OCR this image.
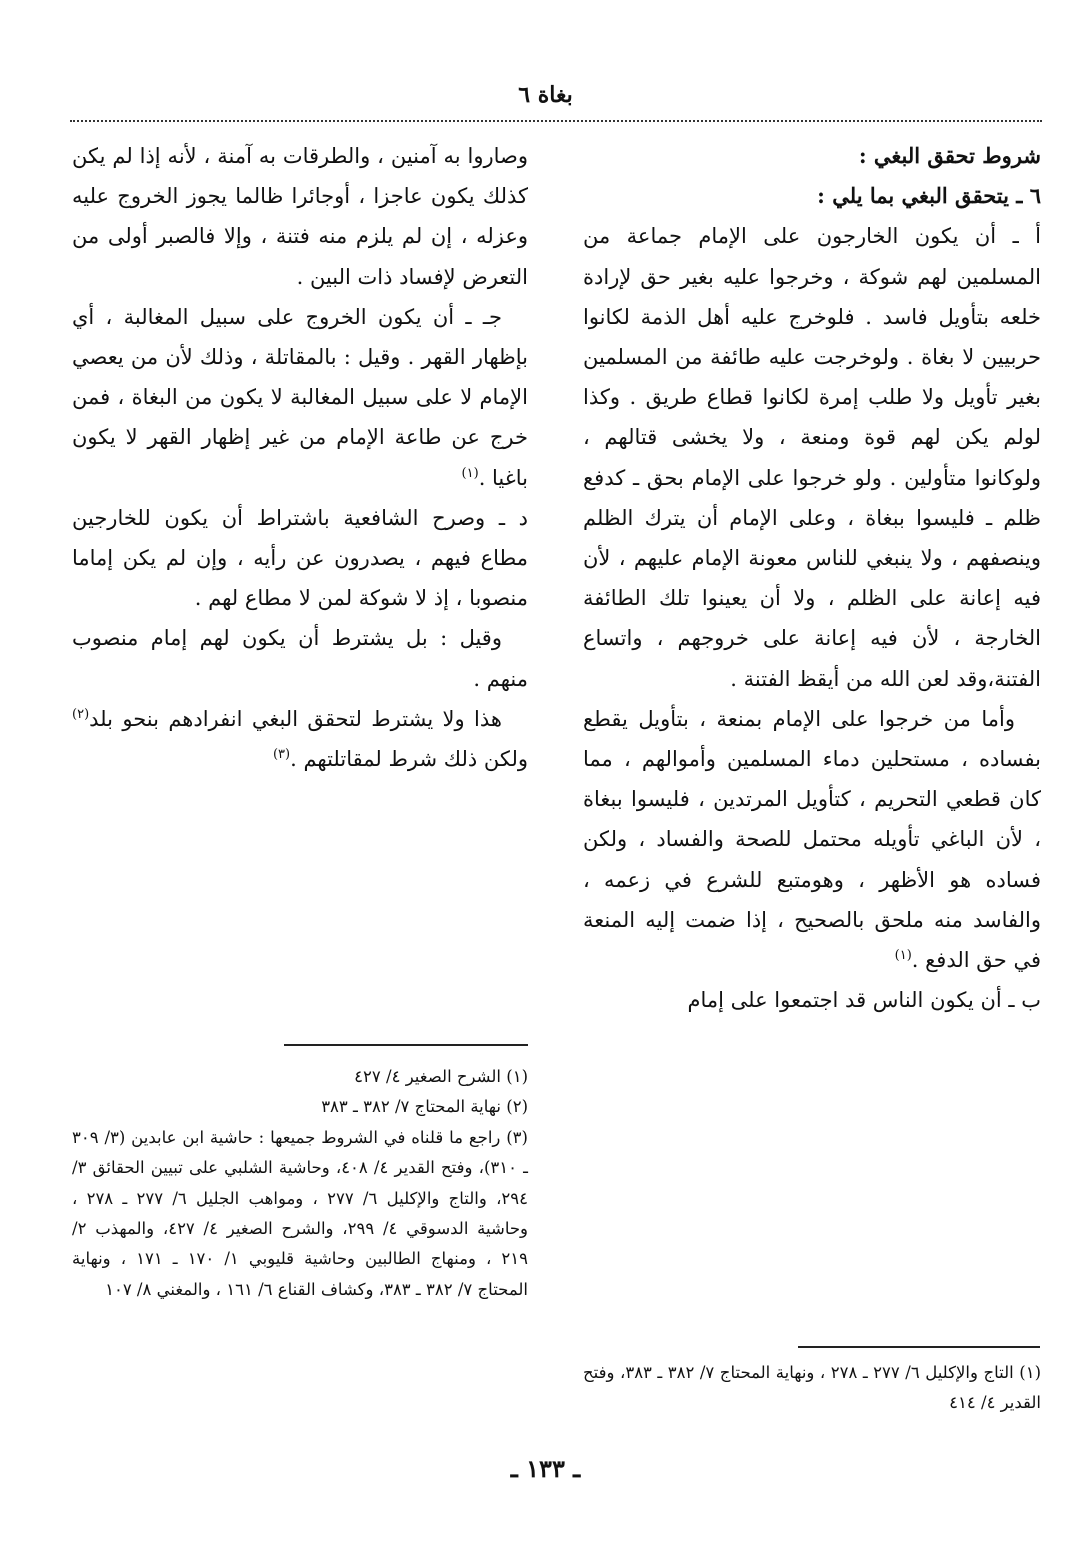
بغاة ٦

شروط تحقق البغي :

٦ ـ يتحقق البغي بما يلي :

أ ـ أن يكون الخارجون على الإمام جماعة من المسلمين لهم شوكة ، وخرجوا عليه بغير حق لإرادة خلعه بتأويل فاسد . فلوخرج عليه أهل الذمة لكانوا حربيين لا بغاة . ولوخرجت عليه طائفة من المسلمين بغير تأويل ولا طلب إمرة لكانوا قطاع طريق . وكذا لولم يكن لهم قوة ومنعة ، ولا يخشى قتالهم ، ولوكانوا متأولين . ولو خرجوا على الإمام بحق ـ كدفع ظلم ـ فليسوا ببغاة ، وعلى الإمام أن يترك الظلم وينصفهم ، ولا ينبغي للناس معونة الإمام عليهم ، لأن فيه إعانة على الظلم ، ولا أن يعينوا تلك الطائفة الخارجة ، لأن فيه إعانة على خروجهم ، واتساع الفتنة،وقد لعن الله من أيقظ الفتنة .

وأما من خرجوا على الإمام بمنعة ، بتأويل يقطع بفساده ، مستحلين دماء المسلمين وأموالهم ، مما كان قطعي التحريم ، كتأويل المرتدين ، فليسوا ببغاة ، لأن الباغي تأويله محتمل للصحة والفساد ، ولكن فساده هو الأظهر ، وهومتبع للشرع في زعمه ، والفاسد منه ملحق بالصحيح ، إذا ضمت إليه المنعة في حق الدفع .$^{(١)}$

ب ـ أن يكون الناس قد اجتمعوا على إمام

وصاروا به آمنين ، والطرقات به آمنة ، لأنه إذا لم يكن كذلك يكون عاجزا ، أوجائرا ظالما يجوز الخروج عليه وعزله ، إن لم يلزم منه فتنة ، وإلا فالصبر أولى من التعرض لإفساد ذات البين .

جـ ـ أن يكون الخروج على سبيل المغالبة ، أي بإظهار القهر . وقيل : بالمقاتلة ، وذلك لأن من يعصي الإمام لا على سبيل المغالبة لا يكون من البغاة ، فمن خرج عن طاعة الإمام من غير إظهار القهر لا يكون باغيا .$^{(١)}$

د ـ وصرح الشافعية باشتراط أن يكون للخارجين مطاع فيهم ، يصدرون عن رأيه ، وإن لم يكن إماما منصوبا ، إذ لا شوكة لمن لا مطاع لهم .

وقيل : بل يشترط أن يكون لهم إمام منصوب منهم .

هذا ولا يشترط لتحقق البغي انفرادهم بنحو بلد$^{(٢)}$ ولكن ذلك شرط لمقاتلتهم .$^{(٣)}$

(١) التاج والإكليل ٦/ ٢٧٧ ـ ٢٧٨ ، ونهاية المحتاج ٧/ ٣٨٢ ـ ٣٨٣، وفتح القدير ٤/ ٤١٤

(١) الشرح الصغير ٤/ ٤٢٧

(٢) نهاية المحتاج ٧/ ٣٨٢ ـ ٣٨٣

(٣) راجع ما قلناه في الشروط جميعها : حاشية ابن عابدين (٣/ ٣٠٩ ـ ٣١٠)، وفتح القدير ٤/ ٤٠٨، وحاشية الشلبي على تبيين الحقائق ٣/ ٢٩٤، والتاج والإكليل ٦/ ٢٧٧ ، ومواهب الجليل ٦/ ٢٧٧ ـ ٢٧٨ ، وحاشية الدسوقي ٤/ ٢٩٩، والشرح الصغير ٤/ ٤٢٧، والمهذب ٢/ ٢١٩ ، ومنهاج الطالبين وحاشية قليوبي ١/ ١٧٠ ـ ١٧١ ، ونهاية المحتاج ٧/ ٣٨٢ ـ ٣٨٣، وكشاف القناع ٦/ ١٦١ ، والمغني ٨/ ١٠٧

ـ ١٣٣ ـ
